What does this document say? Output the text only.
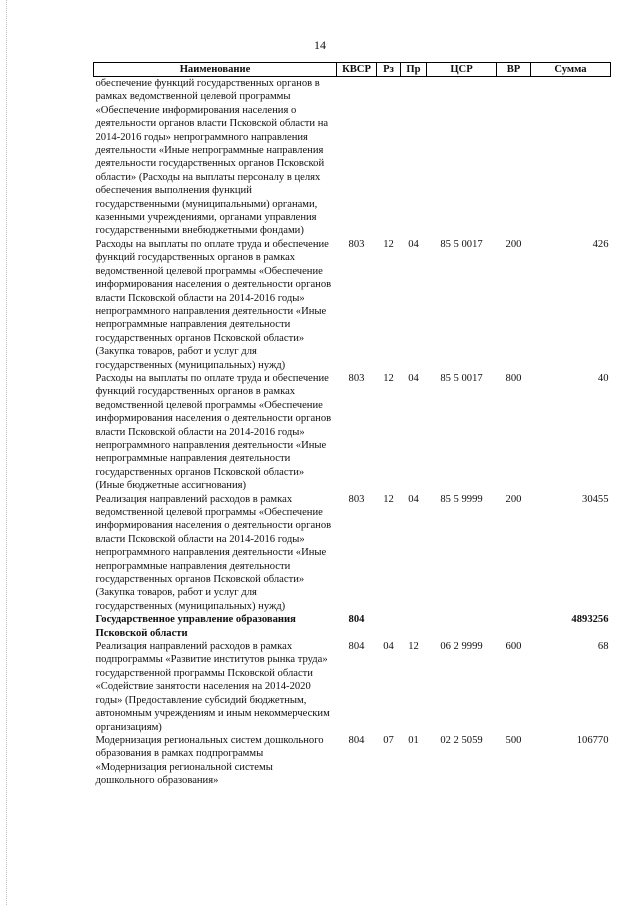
14
Наименование	КВСР	Рз	Пр	ЦСР	ВР	Сумма
обеспечение функций государственных органов в рамках ведомственной целевой программы «Обеспечение информирования населения о деятельности органов власти Псковской области на 2014-2016 годы» непрограммного направления деятельности «Иные непрограммные направления деятельности государственных органов Псковской области» (Расходы на выплаты персоналу в целях обеспечения выполнения функций государственными (муниципальными) органами, казенными учреждениями, органами управления государственными внебюджетными фондами)						
Расходы на выплаты по оплате труда и обеспечение функций государственных органов в рамках ведомственной целевой программы «Обеспечение информирования населения о деятельности органов власти Псковской области на 2014-2016 годы» непрограммного направления деятельности «Иные непрограммные направления деятельности государственных органов Псковской области» (Закупка товаров, работ и услуг для государственных (муниципальных) нужд)	803	12	04	85 5 0017	200	426
Расходы на выплаты по оплате труда и обеспечение функций государственных органов в рамках ведомственной целевой программы «Обеспечение информирования населения о деятельности органов власти Псковской области на 2014-2016 годы» непрограммного направления деятельности «Иные непрограммные направления деятельности государственных органов Псковской области» (Иные бюджетные ассигнования)	803	12	04	85 5 0017	800	40
Реализация направлений расходов в рамках ведомственной целевой программы «Обеспечение информирования населения о деятельности органов власти Псковской области на 2014-2016 годы» непрограммного направления деятельности «Иные непрограммные направления деятельности государственных органов Псковской области» (Закупка товаров, работ и услуг для государственных (муниципальных) нужд)	803	12	04	85 5 9999	200	30455
Государственное управление образования Псковской области	804					4893256
Реализация направлений расходов в рамках подпрограммы «Развитие институтов рынка труда» государственной программы Псковской области «Содействие занятости населения на 2014-2020 годы» (Предоставление субсидий бюджетным, автономным учреждениям и иным некоммерческим организациям)	804	04	12	06 2 9999	600	68
Модернизация региональных систем дошкольного образования в рамках подпрограммы «Модернизация региональной системы дошкольного образования»	804	07	01	02 2 5059	500	106770
